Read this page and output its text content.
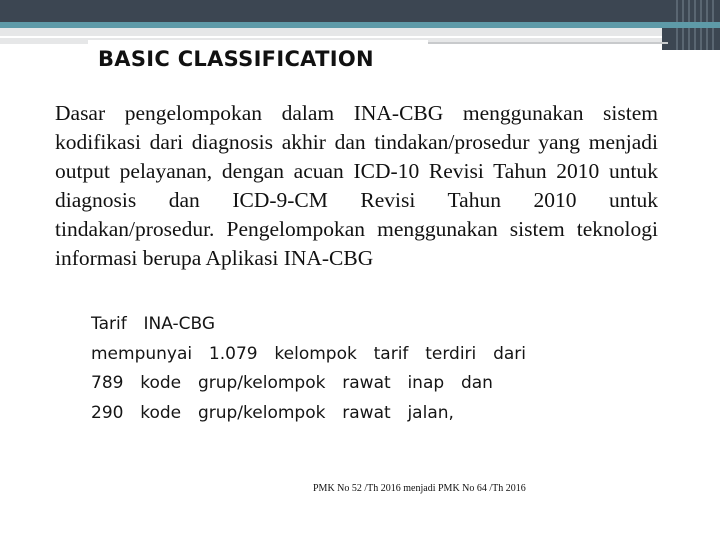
BASIC CLASSIFICATION

Dasar pengelompokan dalam INA-CBG menggunakan sistem kodifikasi dari diagnosis akhir dan tindakan/prosedur yang menjadi output pelayanan, dengan acuan ICD-10 Revisi Tahun 2010 untuk diagnosis dan ICD-9-CM Revisi Tahun 2010 untuk tindakan/prosedur. Pengelompokan menggunakan sistem teknologi informasi berupa Aplikasi INA-CBG

Tarif  INA-CBG
mempunyai  1.079  kelompok  tarif  terdiri  dari
789  kode  grup/kelompok  rawat  inap  dan
290  kode  grup/kelompok  rawat  jalan,

PMK No 52 /Th 2016 menjadi PMK No 64 /Th 2016
